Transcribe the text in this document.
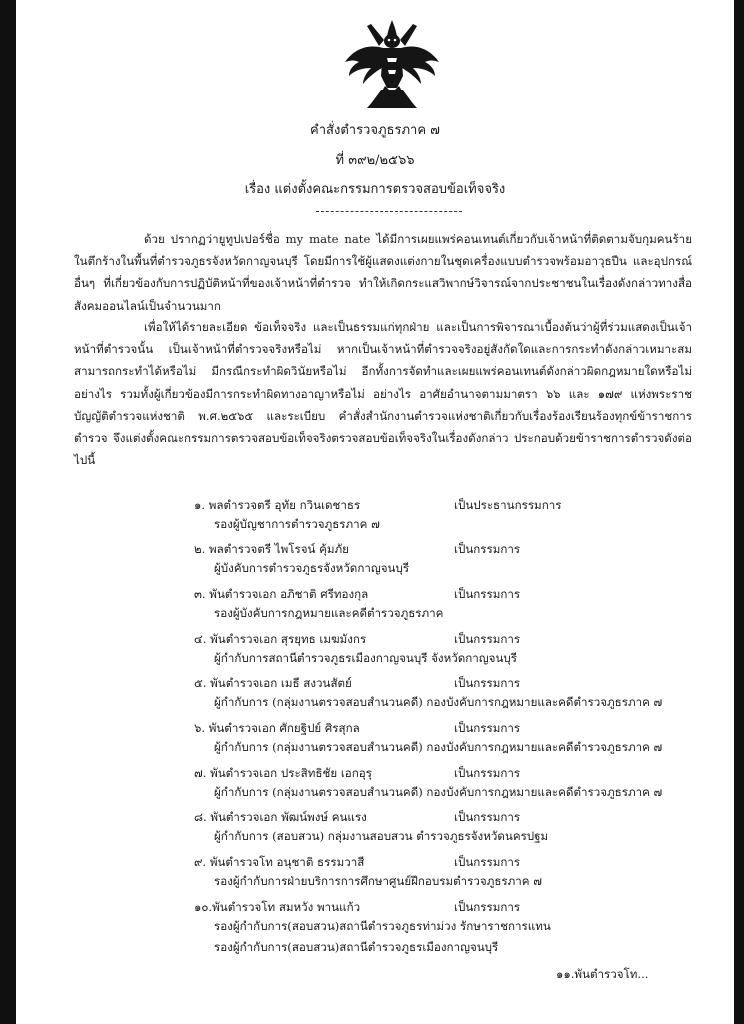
คำสั่งตำรวจภูธรภาค ๗
ที่ ๓๙๒/๒๕๖๖
เรื่อง แต่งตั้งคณะกรรมการตรวจสอบข้อเท็จจริง

ด้วย ปรากฏว่ายูทูปเปอร์ชื่อ my mate nate ได้มีการเผยแพร่คอนเทนต์เกี่ยวกับเจ้าหน้าที่ติดตามจับกุมคนร้ายในตึกร้างในพื้นที่ตำรวจภูธรจังหวัดกาญจนบุรี โดยมีการใช้ผู้แสดงแต่งกายในชุดเครื่องแบบตำรวจพร้อมอาวุธปืน และอุปกรณ์อื่นๆ ที่เกี่ยวข้องกับการปฏิบัติหน้าที่ของเจ้าหน้าที่ตำรวจ ทำให้เกิดกระแสวิพากษ์วิจารณ์จากประชาชนในเรื่องดังกล่าวทางสื่อสังคมออนไลน์เป็นจำนวนมาก

เพื่อให้ได้รายละเอียด ข้อเท็จจริง และเป็นธรรมแก่ทุกฝ่าย และเป็นการพิจารณาเบื้องต้นว่าผู้ที่ร่วมแสดงเป็นเจ้าหน้าที่ตำรวจนั้น เป็นเจ้าหน้าที่ตำรวจจริงหรือไม่ หากเป็นเจ้าหน้าที่ตำรวจจริงอยู่สังกัดใดและการกระทำดังกล่าวเหมาะสม สามารถกระทำได้หรือไม่ มีกรณีกระทำผิดวินัยหรือไม่ อีกทั้งการจัดทำและเผยแพร่คอนเทนต์ดังกล่าวผิดกฎหมายใดหรือไม่ อย่างไร รวมทั้งผู้เกี่ยวข้องมีการกระทำผิดทางอาญาหรือไม่ อย่างไร อาศัยอำนาจตามมาตรา ๖๖ และ ๑๗๙ แห่งพระราชบัญญัติตำรวจแห่งชาติ พ.ศ.๒๕๖๕ และระเบียบ คำสั่งสำนักงานตำรวจแห่งชาติเกี่ยวกับเรื่องร้องเรียนร้องทุกข์ข้าราชการตำรวจ จึงแต่งตั้งคณะกรรมการตรวจสอบข้อเท็จจริงตรวจสอบข้อเท็จจริงในเรื่องดังกล่าว ประกอบด้วยข้าราชการตำรวจดังต่อไปนี้

๑. พลตำรวจตรี อุทัย กวินเดชาธร	เป็นประธานกรรมการ
รองผู้บัญชาการตำรวจภูธรภาค ๗
๒. พลตำรวจตรี ไพโรจน์ คุ้มภัย	เป็นกรรมการ
ผู้บังคับการตำรวจภูธรจังหวัดกาญจนบุรี
๓. พันตำรวจเอก อภิชาติ ศรีทองกุล	เป็นกรรมการ
รองผู้บังคับการกฎหมายและคดีตำรวจภูธรภาค
๔. พันตำรวจเอก สุรยุทธ เมฆมังกร	เป็นกรรมการ
ผู้กำกับการสถานีตำรวจภูธรเมืองกาญจนบุรี จังหวัดกาญจนบุรี
๕. พันตำรวจเอก เมธี สงวนสัตย์	เป็นกรรมการ
ผู้กำกับการ (กลุ่มงานตรวจสอบสำนวนคดี) กองบังคับการกฎหมายและคดีตำรวจภูธรภาค ๗
๖. พันตำรวจเอก ศักยฐิปย์ ศิรสุกล	เป็นกรรมการ
ผู้กำกับการ (กลุ่มงานตรวจสอบสำนวนคดี) กองบังคับการกฎหมายและคดีตำรวจภูธรภาค ๗
๗. พันตำรวจเอก ประสิทธิชัย เอกอุรุ	เป็นกรรมการ
ผู้กำกับการ (กลุ่มงานตรวจสอบสำนวนคดี) กองบังคับการกฎหมายและคดีตำรวจภูธรภาค ๗
๘. พันตำรวจเอก พัฒน์พงษ์ คนแรง	เป็นกรรมการ
ผู้กำกับการ (สอบสวน) กลุ่มงานสอบสวน ตำรวจภูธรจังหวัดนครปฐม
๙. พันตำรวจโท อนุชาติ ธรรมวาสี	เป็นกรรมการ
รองผู้กำกับการฝ่ายบริการการศึกษาศูนย์ฝึกอบรมตำรวจภูธรภาค ๗
๑๐.พันตำรวจโท สมหวัง พานแก้ว	เป็นกรรมการ
รองผู้กำกับการ(สอบสวน)สถานีตำรวจภูธรท่าม่วง รักษาราชการแทน
รองผู้กำกับการ(สอบสวน)สถานีตำรวจภูธรเมืองกาญจนบุรี
๑๑.พันตำรวจโท...
